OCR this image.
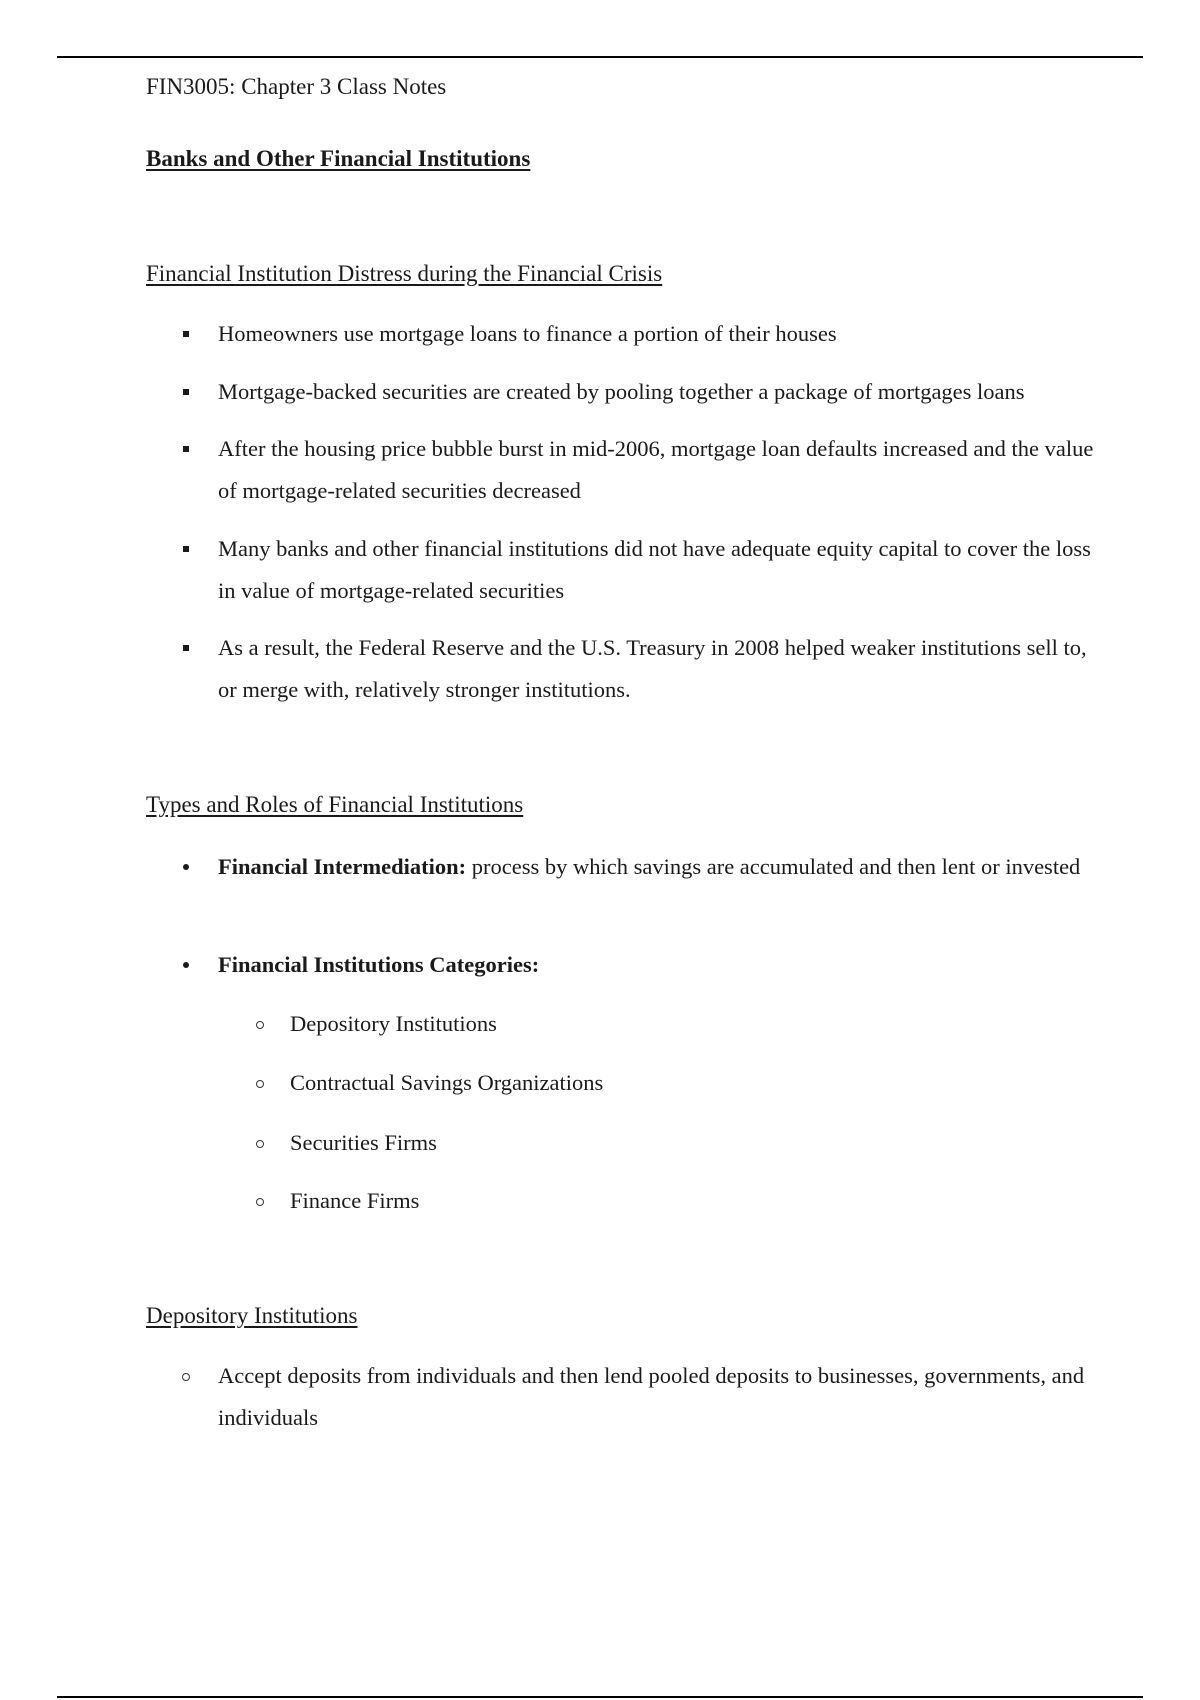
FIN3005: Chapter 3 Class Notes
Banks and Other Financial Institutions
Financial Institution Distress during the Financial Crisis
Homeowners use mortgage loans to finance a portion of their houses
Mortgage-backed securities are created by pooling together a package of mortgages loans
After the housing price bubble burst in mid-2006, mortgage loan defaults increased and the value of mortgage-related securities decreased
Many banks and other financial institutions did not have adequate equity capital to cover the loss in value of mortgage-related securities
As a result, the Federal Reserve and the U.S. Treasury in 2008 helped weaker institutions sell to, or merge with, relatively stronger institutions.
Types and Roles of Financial Institutions
Financial Intermediation: process by which savings are accumulated and then lent or invested
Financial Institutions Categories:
Depository Institutions
Contractual Savings Organizations
Securities Firms
Finance Firms
Depository Institutions
Accept deposits from individuals and then lend pooled deposits to businesses, governments, and individuals
